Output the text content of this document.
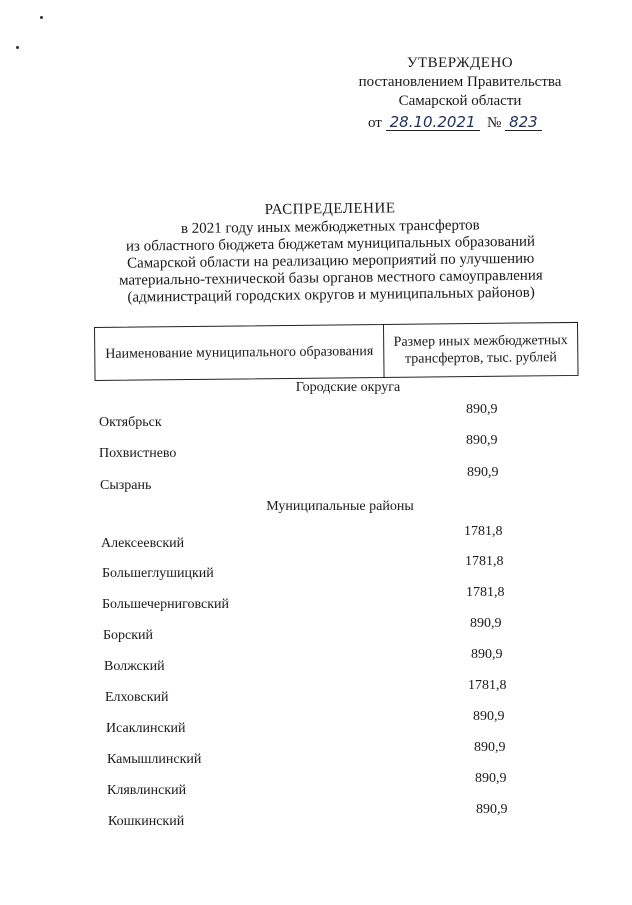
УТВЕРЖДЕНО
постановлением Правительства
Самарской области
от 28.10.2021 № 823
РАСПРЕДЕЛЕНИЕ
в 2021 году иных межбюджетных трансфертов
из областного бюджета бюджетам муниципальных образований
Самарской области на реализацию мероприятий по улучшению
материально-технической базы органов местного самоуправления
(администраций городских округов и муниципальных районов)
Наименование муниципального образования
Размер иных межбюджетных трансфертов, тыс. рублей
Городские округа
Октябрьск
890,9
Похвистнево
890,9
Сызрань
890,9
Муниципальные районы
Алексеевский
1781,8
Большеглушицкий
1781,8
Большечерниговский
1781,8
Борский
890,9
Волжский
890,9
Елховский
1781,8
Исаклинский
890,9
Камышлинский
890,9
Клявлинский
890,9
Кошкинский
890,9
